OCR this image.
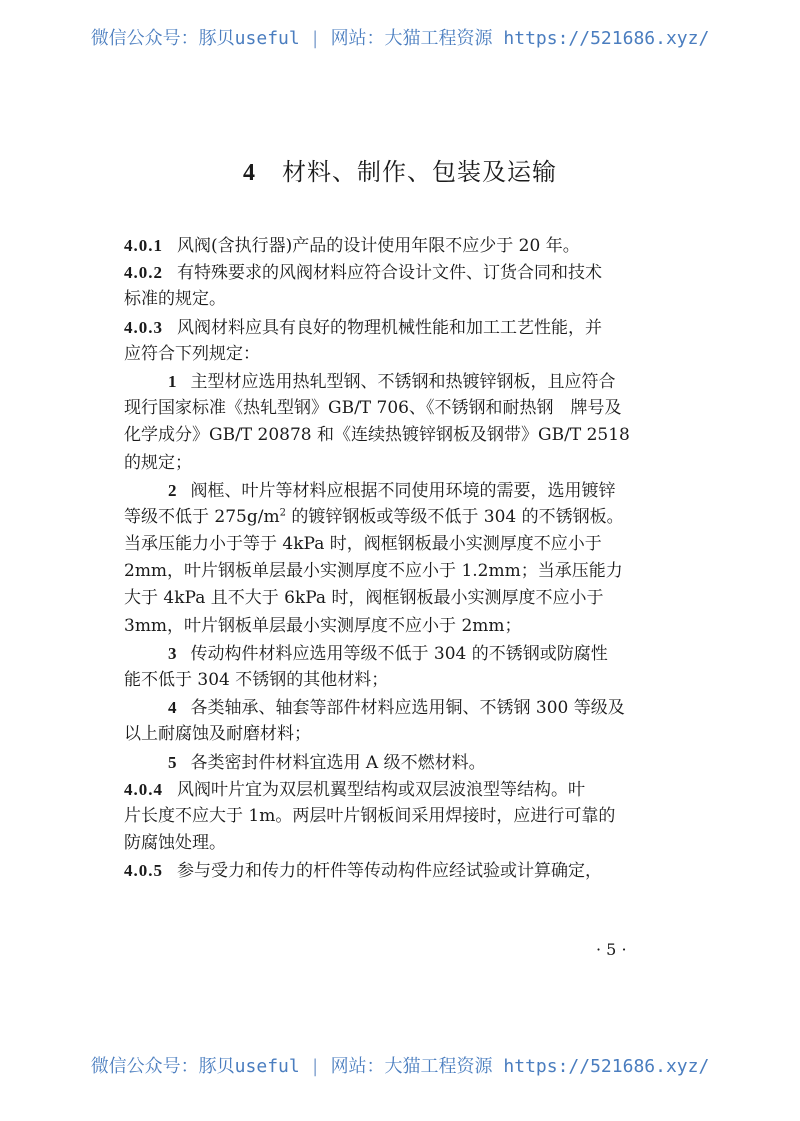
微信公众号：豚贝useful | 网站：大猫工程资源 https://521686.xyz/
4 材料、制作、包装及运输
4.0.1 风阀(含执行器)产品的设计使用年限不应少于 20 年。
4.0.2 有特殊要求的风阀材料应符合设计文件、订货合同和技术
标准的规定。
4.0.3 风阀材料应具有良好的物理机械性能和加工工艺性能，并
应符合下列规定：
1 主型材应选用热轧型钢、不锈钢和热镀锌钢板，且应符合
现行国家标准《热轧型钢》GB/T 706、《不锈钢和耐热钢　牌号及
化学成分》GB/T 20878 和《连续热镀锌钢板及钢带》GB/T 2518
的规定；
2 阀框、叶片等材料应根据不同使用环境的需要，选用镀锌
等级不低于 $275g/m^2$ 的镀锌钢板或等级不低于 304 的不锈钢板。
当承压能力小于等于 4kPa 时，阀框钢板最小实测厚度不应小于
2mm，叶片钢板单层最小实测厚度不应小于 1.2mm；当承压能力
大于 4kPa 且不大于 6kPa 时，阀框钢板最小实测厚度不应小于
3mm，叶片钢板单层最小实测厚度不应小于 2mm；
3 传动构件材料应选用等级不低于 304 的不锈钢或防腐性
能不低于 304 不锈钢的其他材料；
4 各类轴承、轴套等部件材料应选用铜、不锈钢 300 等级及
以上耐腐蚀及耐磨材料；
5 各类密封件材料宜选用 A 级不燃材料。
4.0.4 风阀叶片宜为双层机翼型结构或双层波浪型等结构。叶
片长度不应大于 1m。两层叶片钢板间采用焊接时，应进行可靠的
防腐蚀处理。
4.0.5 参与受力和传力的杆件等传动构件应经试验或计算确定，
· 5 ·
微信公众号：豚贝useful | 网站：大猫工程资源 https://521686.xyz/
